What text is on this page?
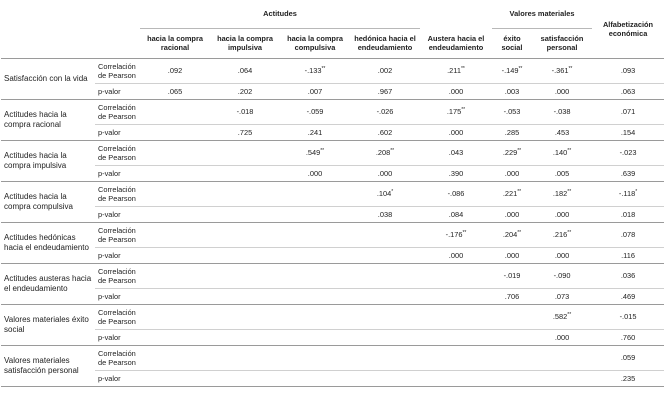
		Actitudes					Valores materiales		Alfabetización económica
		hacia la compra racional	hacia la compra impulsiva	hacia la compra compulsiva	hedónica hacia el endeudamiento	Austera hacia el endeudamiento	éxito social	satisfacción personal	
Satisfacción con la vida	Correlación de Pearson	.092	.064	-.133**	.002	.211**	-.149**	-.361**	.093
	p-valor	.065	.202	.007	.967	.000	.003	.000	.063
Actitudes hacia la compra racional	Correlación de Pearson		-.018	-.059	-.026	.175**	-.053	-.038	.071
	p-valor		.725	.241	.602	.000	.285	.453	.154
Actitudes hacia la compra impulsiva	Correlación de Pearson			.549**	.208**	.043	.229**	.140**	-.023
	p-valor			.000	.000	.390	.000	.005	.639
Actitudes hacia la compra compulsiva	Correlación de Pearson				.104*	-.086	.221**	.182**	-.118*
	p-valor				.038	.084	.000	.000	.018
Actitudes hedónicas hacia el endeudamiento	Correlación de Pearson					-.176**	.204**	.216**	.078
	p-valor					.000	.000	.000	.116
Actitudes austeras hacia el endeudamiento	Correlación de Pearson						-.019	-.090	.036
	p-valor						.706	.073	.469
Valores materiales éxito social	Correlación de Pearson							.582**	-.015
	p-valor							.000	.760
Valores materiales satisfacción personal	Correlación de Pearson								.059
	p-valor								.235
